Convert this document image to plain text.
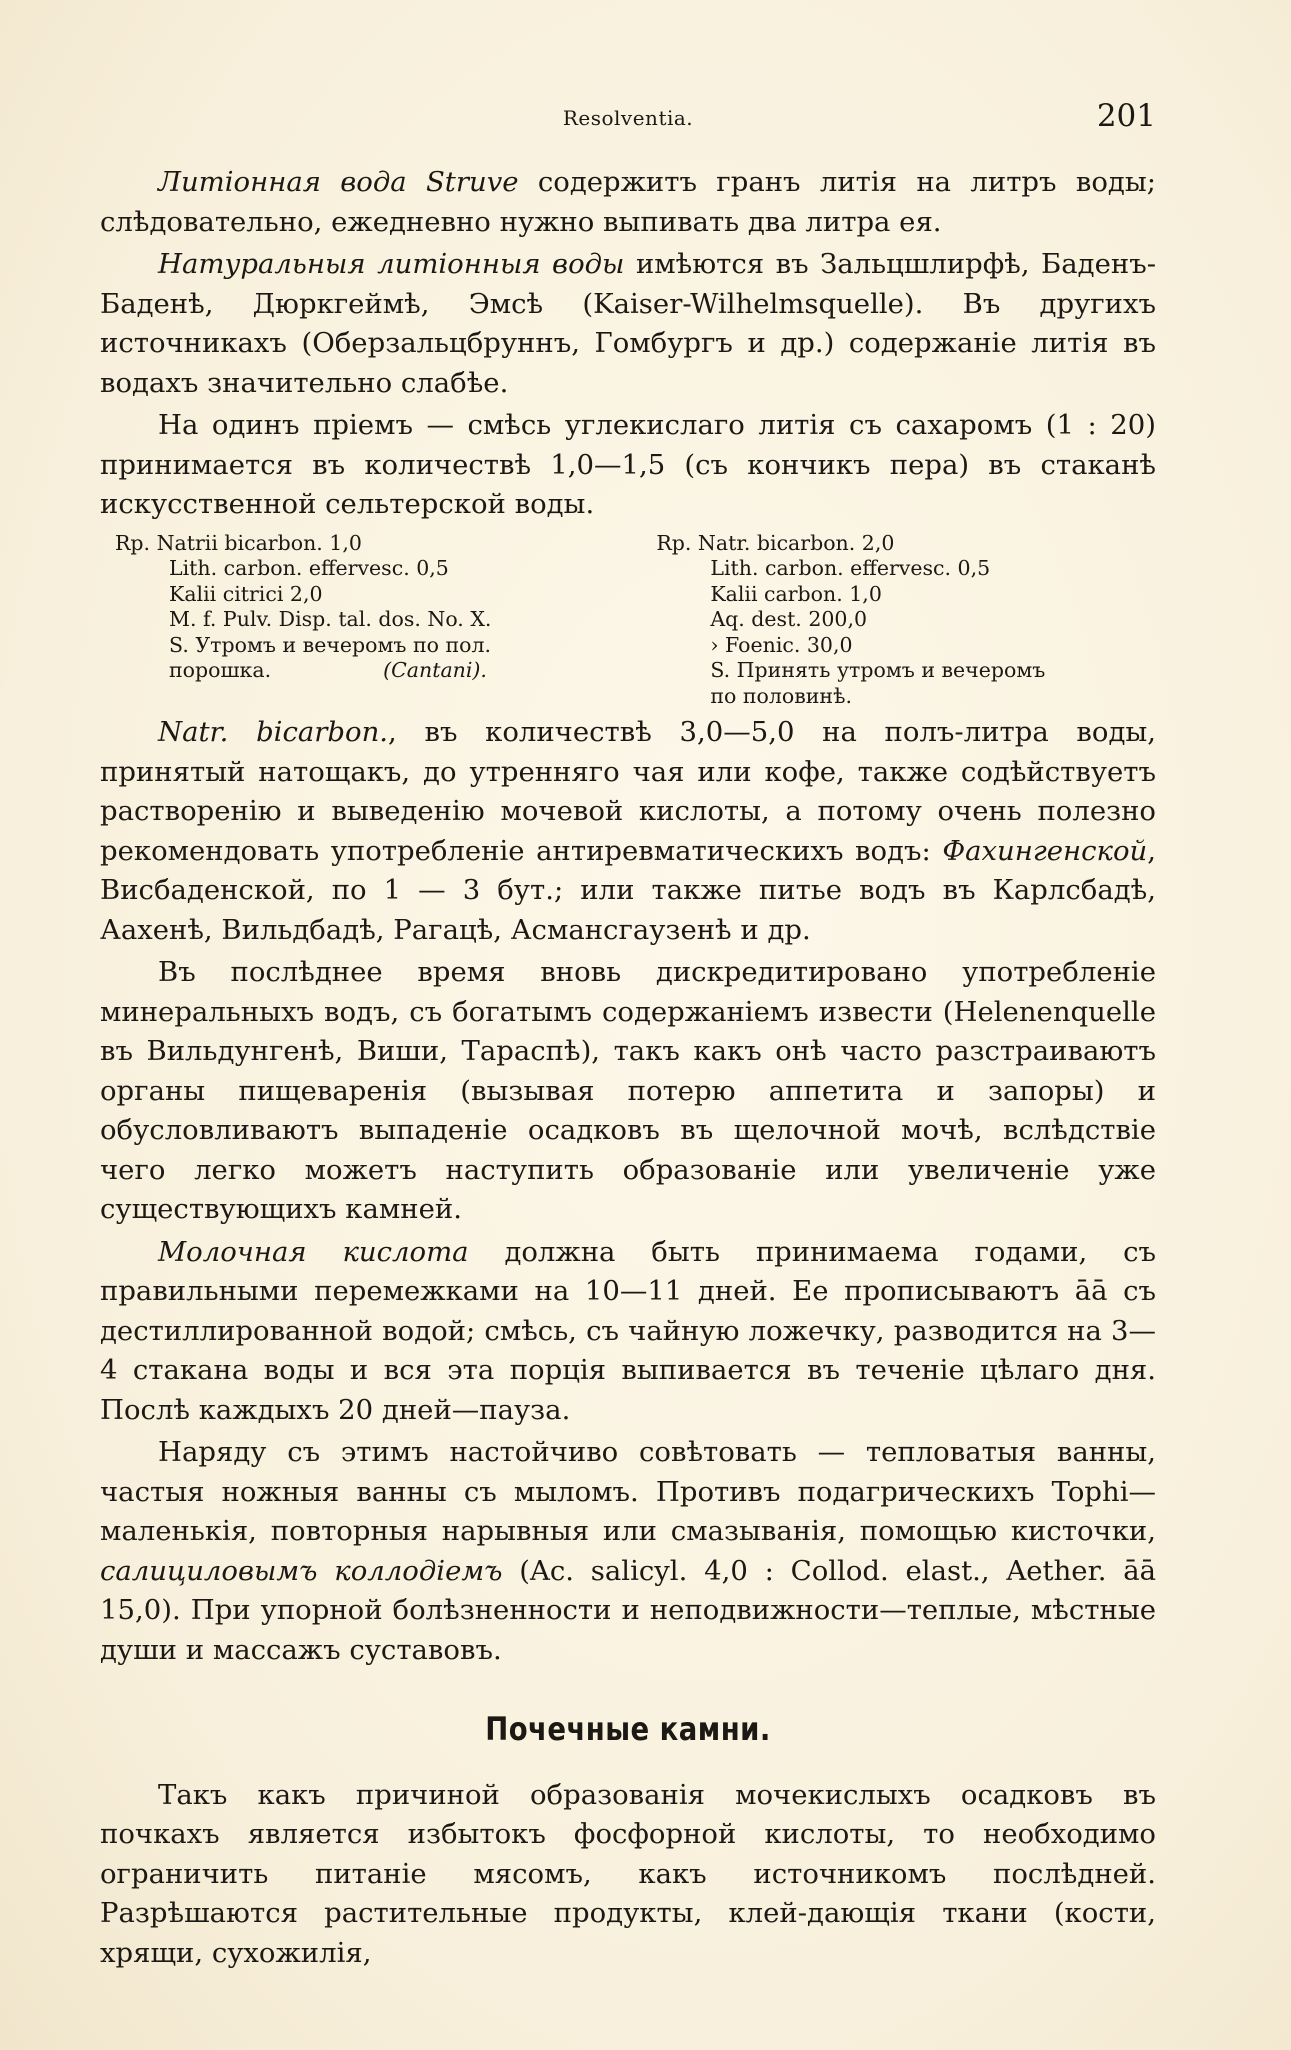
Resolventia.	201

Литіонная вода Struve содержитъ гранъ литія на литръ воды; слѣдовательно, ежедневно нужно выпивать два литра ея.

Натуральныя литіонныя воды имѣются въ Зальцшлирфѣ, Баденъ-Баденѣ, Дюркгеймѣ, Эмсѣ (Kaiser-Wilhelmsquelle). Въ другихъ источникахъ (Оберзальцбруннъ, Гомбургъ и др.) содержаніе литія въ водахъ значительно слабѣе.

На одинъ пріемъ — смѣсь углекислаго литія съ сахаромъ (1 : 20) принимается въ количествѣ 1,0—1,5 (съ кончикъ пера) въ стаканѣ искусственной сельтерской воды.

Rp. Natrii bicarbon. 1,0
Lith. carbon. effervesc. 0,5
Kalii citrici 2,0
M. f. Pulv. Disp. tal. dos. No. X.
S. Утромъ и вечеромъ по пол.
порошка.	(Cantani).
Rp. Natr. bicarbon. 2,0
Lith. carbon. effervesc. 0,5
Kalii carbon. 1,0
Aq. dest. 200,0
› Foenic. 30,0
S. Принять утромъ и вечеромъ
по половинѣ.

Natr. bicarbon., въ количествѣ 3,0—5,0 на полъ-литра воды, принятый натощакъ, до утренняго чая или кофе, также содѣйствуетъ растворенію и выведенію мочевой кислоты, а потому очень полезно рекомендовать употребленіе антиревматическихъ водъ: Фахингенской, Висбаденской, по 1 — 3 бут.; или также питье водъ въ Карлсбадѣ, Аахенѣ, Вильдбадѣ, Рагацѣ, Асмансгаузенѣ и др.

Въ послѣднее время вновь дискредитировано употребленіе минеральныхъ водъ, съ богатымъ содержаніемъ извести (Helenenquelle въ Вильдунгенѣ, Виши, Тараспѣ), такъ какъ онѣ часто разстраиваютъ органы пищеваренія (вызывая потерю аппетита и запоры) и обусловливаютъ выпаденіе осадковъ въ щелочной мочѣ, вслѣдствіе чего легко можетъ наступить образованіе или увеличеніе уже существующихъ камней.

Молочная кислота должна быть принимаема годами, съ правильными перемежками на 10—11 дней. Ее прописываютъ āā съ дестиллированной водой; смѣсь, съ чайную ложечку, разводится на 3—4 стакана воды и вся эта порція выпивается въ теченіе цѣлаго дня. Послѣ каждыхъ 20 дней—пауза.

Наряду съ этимъ настойчиво совѣтовать — тепловатыя ванны, частыя ножныя ванны съ мыломъ. Противъ подагрическихъ Tophi— маленькія, повторныя нарывныя или смазыванія, помощью кисточки, салициловымъ коллодіемъ (Ac. salicyl. 4,0 : Collod. elast., Aether. āā 15,0). При упорной болѣзненности и неподвижности—теплые, мѣстные души и массажъ суставовъ.

Почечные камни.

Такъ какъ причиной образованія мочекислыхъ осадковъ въ почкахъ является избытокъ фосфорной кислоты, то необходимо ограничить питаніе мясомъ, какъ источникомъ послѣдней. Разрѣшаются растительные продукты, клей-дающія ткани (кости, хрящи, сухожилія,
